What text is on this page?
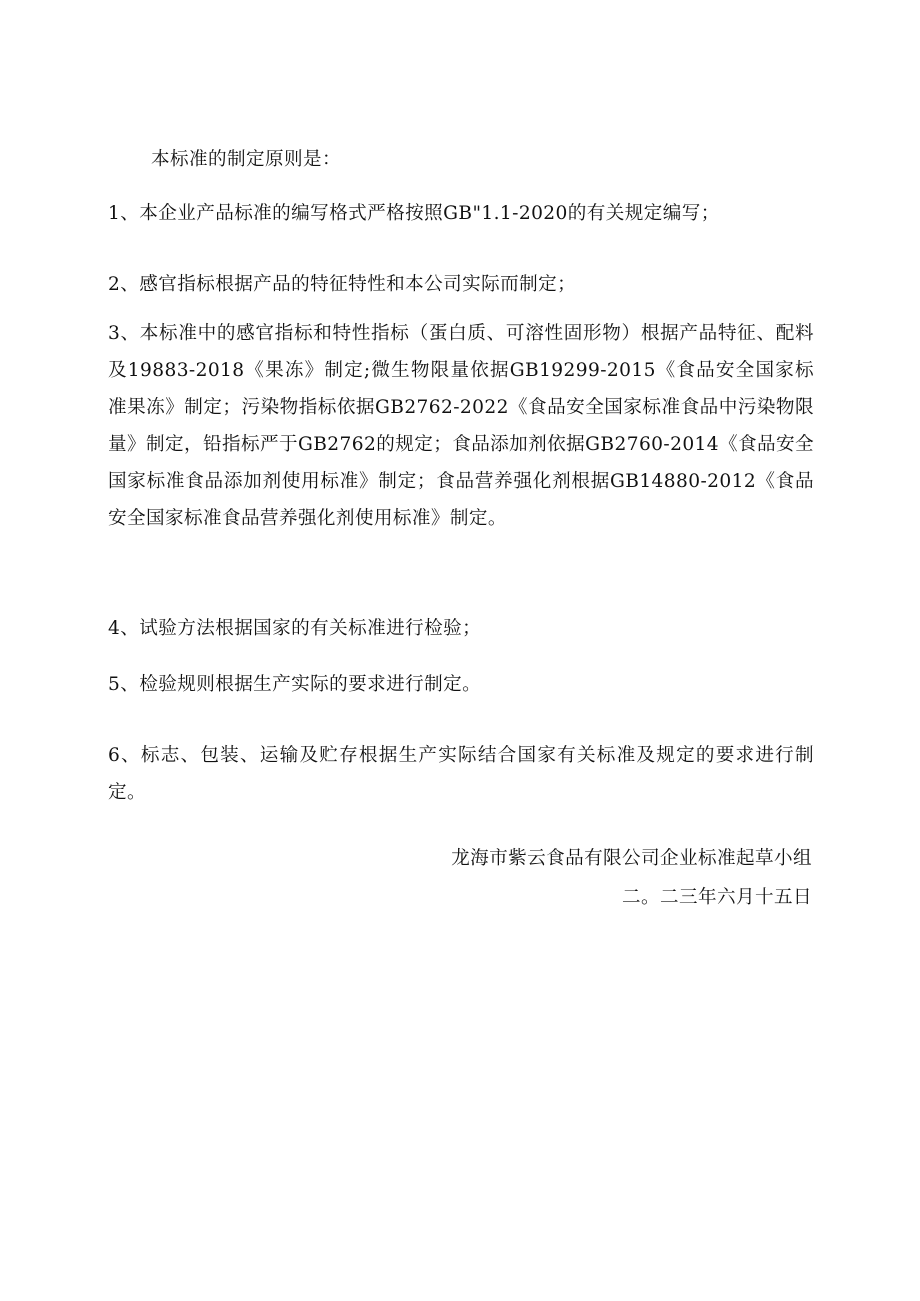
本标准的制定原则是：

1、本企业产品标准的编写格式严格按照GB"1.1-2020的有关规定编写；

2、感官指标根据产品的特征特性和本公司实际而制定；

3、本标准中的感官指标和特性指标（蛋白质、可溶性固形物）根据产品特征、配料及19883-2018《果冻》制定;微生物限量依据GB19299-2015《食品安全国家标准果冻》制定；污染物指标依据GB2762-2022《食品安全国家标准食品中污染物限量》制定，铅指标严于GB2762的规定；食品添加剂依据GB2760-2014《食品安全国家标准食品添加剂使用标准》制定；食品营养强化剂根据GB14880-2012《食品安全国家标准食品营养强化剂使用标准》制定。

4、试验方法根据国家的有关标准进行检验；

5、检验规则根据生产实际的要求进行制定。

6、标志、包装、运输及贮存根据生产实际结合国家有关标准及规定的要求进行制定。

龙海市紫云食品有限公司企业标准起草小组

二。二三年六月十五日
